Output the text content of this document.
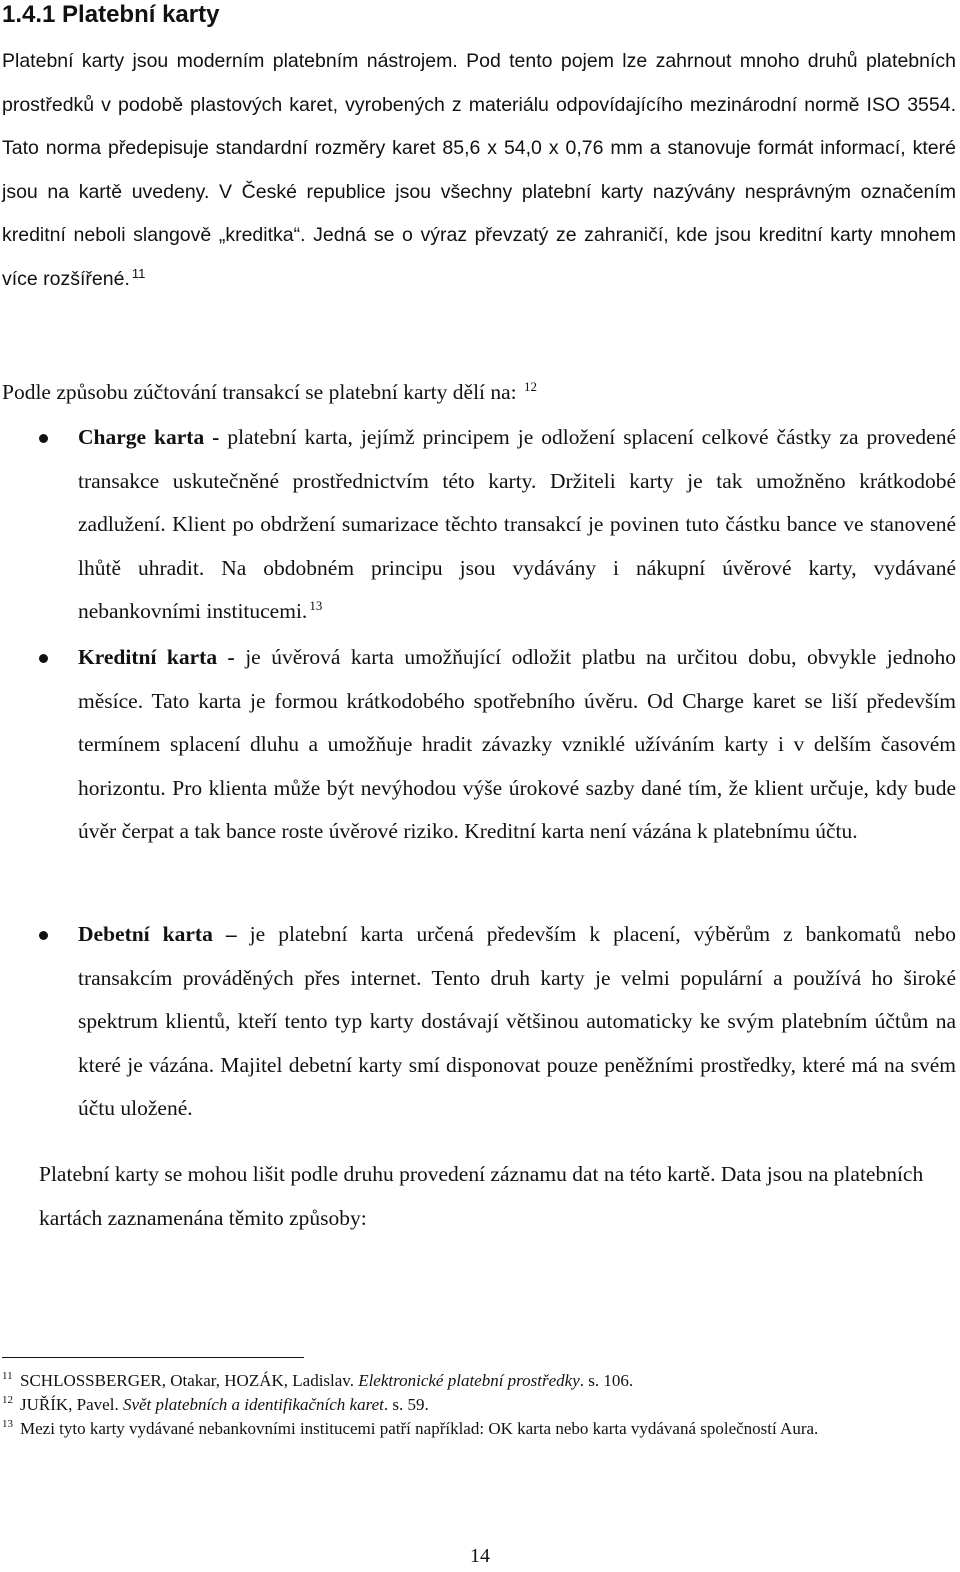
1.4.1 Platební karty

Platební karty jsou moderním platebním nástrojem. Pod tento pojem lze zahrnout mnoho druhů platebních prostředků v podobě plastových karet, vyrobených z materiálu odpovídajícího mezinárodní normě ISO 3554. Tato norma předepisuje standardní rozměry karet 85,6 x 54,0 x 0,76 mm a stanovuje formát informací, které jsou na kartě uvedeny. V České republice jsou všechny platební karty nazývány nesprávným označením kreditní neboli slangově „kreditka“. Jedná se o výraz převzatý ze zahraničí, kde jsou kreditní karty mnohem více rozšířené. $^{11}$

Podle způsobu zúčtování transakcí se platební karty dělí na: $^{12}$

Charge karta - platební karta, jejímž principem je odložení splacení celkové částky za provedené transakce uskutečněné prostřednictvím této karty. Držiteli karty je tak umožněno krátkodobé zadlužení. Klient po obdržení sumarizace těchto transakcí je povinen tuto částku bance ve stanovené lhůtě uhradit. Na obdobném principu jsou vydávány i nákupní úvěrové karty, vydávané nebankovními institucemi. $^{13}$

Kreditní karta - je úvěrová karta umožňující odložit platbu na určitou dobu, obvykle jednoho měsíce. Tato karta je formou krátkodobého spotřebního úvěru. Od Charge karet se liší především termínem splacení dluhu a umožňuje hradit závazky vzniklé užíváním karty i v delším časovém horizontu. Pro klienta může být nevýhodou výše úrokové sazby dané tím, že klient určuje, kdy bude úvěr čerpat a tak bance roste úvěrové riziko. Kreditní karta není vázána k platebnímu účtu.

Debetní karta – je platební karta určená především k placení, výběrům z bankomatů nebo transakcím prováděných přes internet. Tento druh karty je velmi populární a používá ho široké spektrum klientů, kteří tento typ karty dostávají většinou automaticky ke svým platebním účtům na které je vázána. Majitel debetní karty smí disponovat pouze peněžními prostředky, které má na svém účtu uložené.

Platební karty se mohou lišit podle druhu provedení záznamu dat na této kartě. Data jsou na platebních kartách zaznamenána těmito způsoby:

11 SCHLOSSBERGER, Otakar, HOZÁK, Ladislav. Elektronické platební prostředky. s. 106.

12 JUŘÍK, Pavel. Svět platebních a identifikačních karet. s. 59.

13 Mezi tyto karty vydávané nebankovními institucemi patří například: OK karta nebo karta vydávaná společností Aura.

14
